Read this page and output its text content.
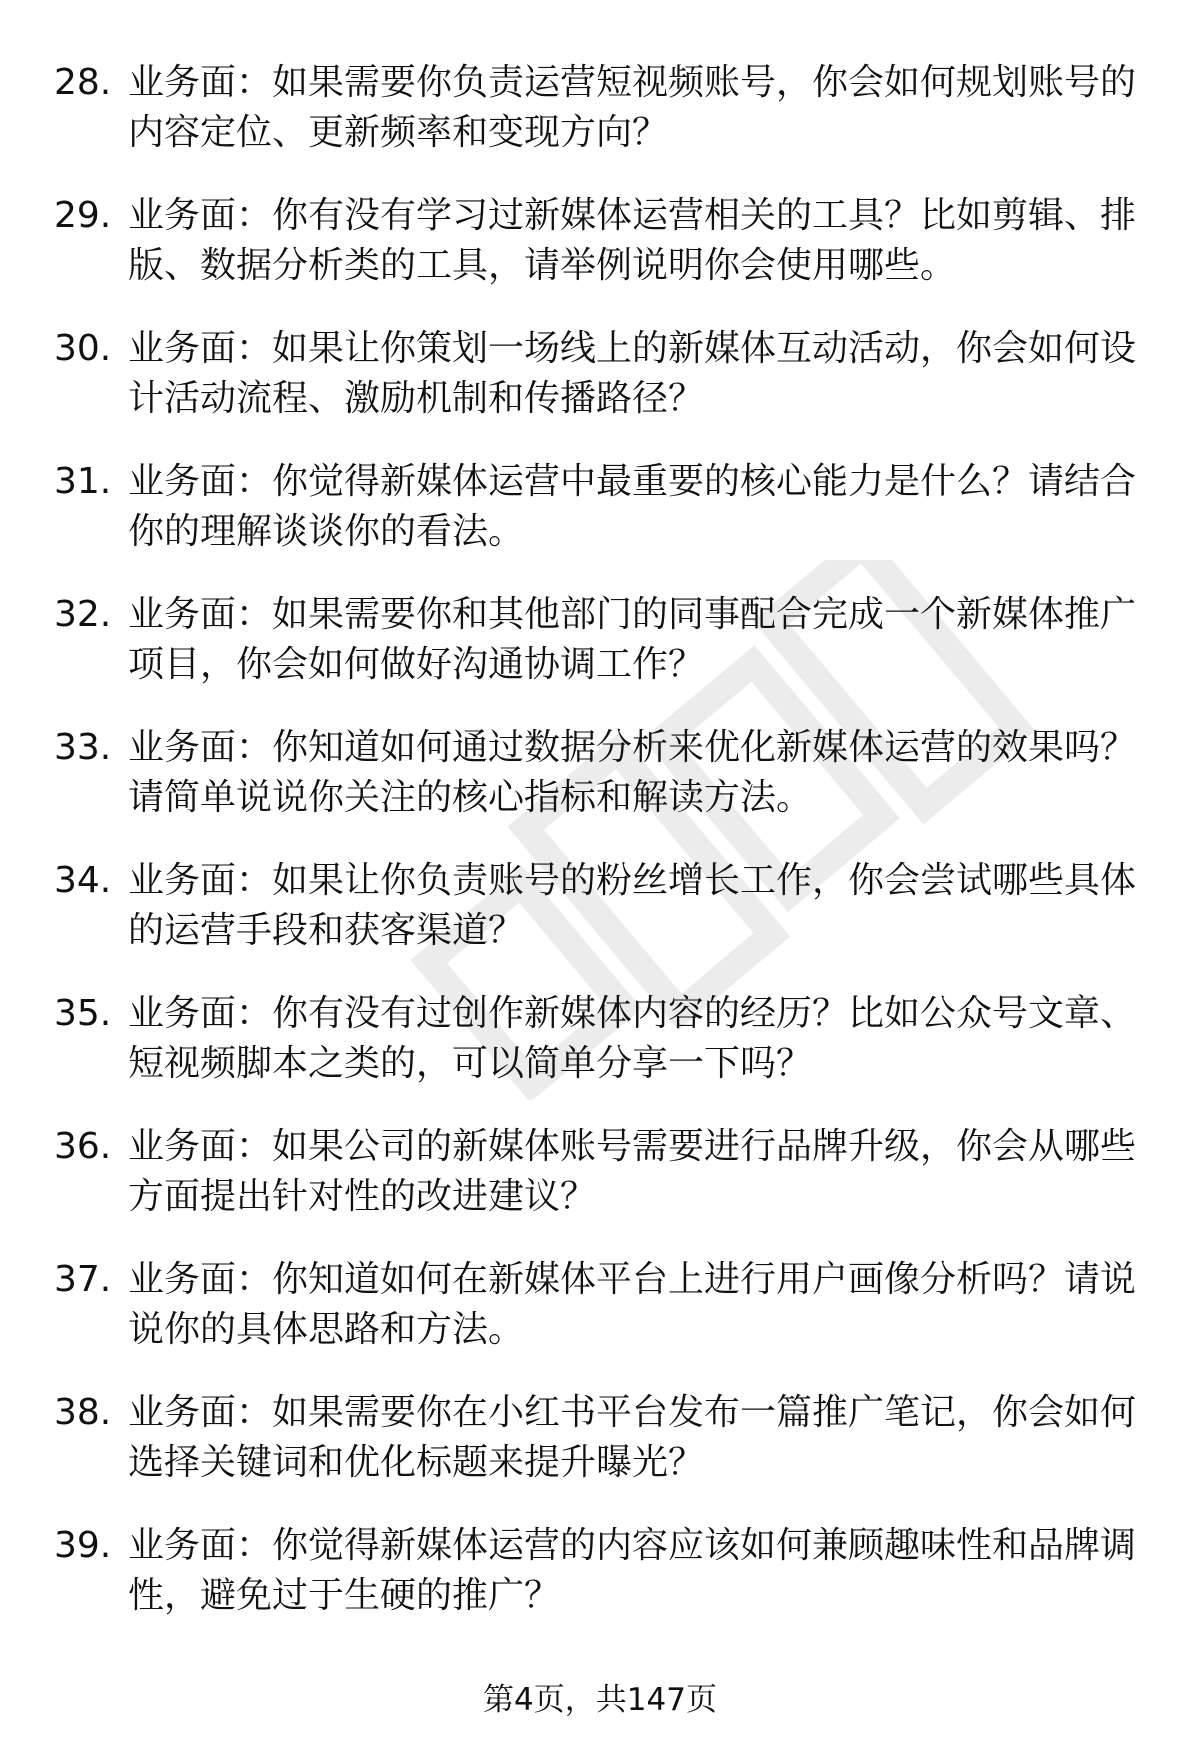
28. 业务面：如果需要你负责运营短视频账号，你会如何规划账号的内容定位、更新频率和变现方向？
29. 业务面：你有没有学习过新媒体运营相关的工具？比如剪辑、排版、数据分析类的工具，请举例说明你会使用哪些。
30. 业务面：如果让你策划一场线上的新媒体互动活动，你会如何设计活动流程、激励机制和传播路径？
31. 业务面：你觉得新媒体运营中最重要的核心能力是什么？请结合你的理解谈谈你的看法。
32. 业务面：如果需要你和其他部门的同事配合完成一个新媒体推广项目，你会如何做好沟通协调工作？
33. 业务面：你知道如何通过数据分析来优化新媒体运营的效果吗？请简单说说你关注的核心指标和解读方法。
34. 业务面：如果让你负责账号的粉丝增长工作，你会尝试哪些具体的运营手段和获客渠道？
35. 业务面：你有没有过创作新媒体内容的经历？比如公众号文章、短视频脚本之类的，可以简单分享一下吗？
36. 业务面：如果公司的新媒体账号需要进行品牌升级，你会从哪些方面提出针对性的改进建议？
37. 业务面：你知道如何在新媒体平台上进行用户画像分析吗？请说说你的具体思路和方法。
38. 业务面：如果需要你在小红书平台发布一篇推广笔记，你会如何选择关键词和优化标题来提升曝光？
39. 业务面：你觉得新媒体运营的内容应该如何兼顾趣味性和品牌调性，避免过于生硬的推广？
第4页，共147页
